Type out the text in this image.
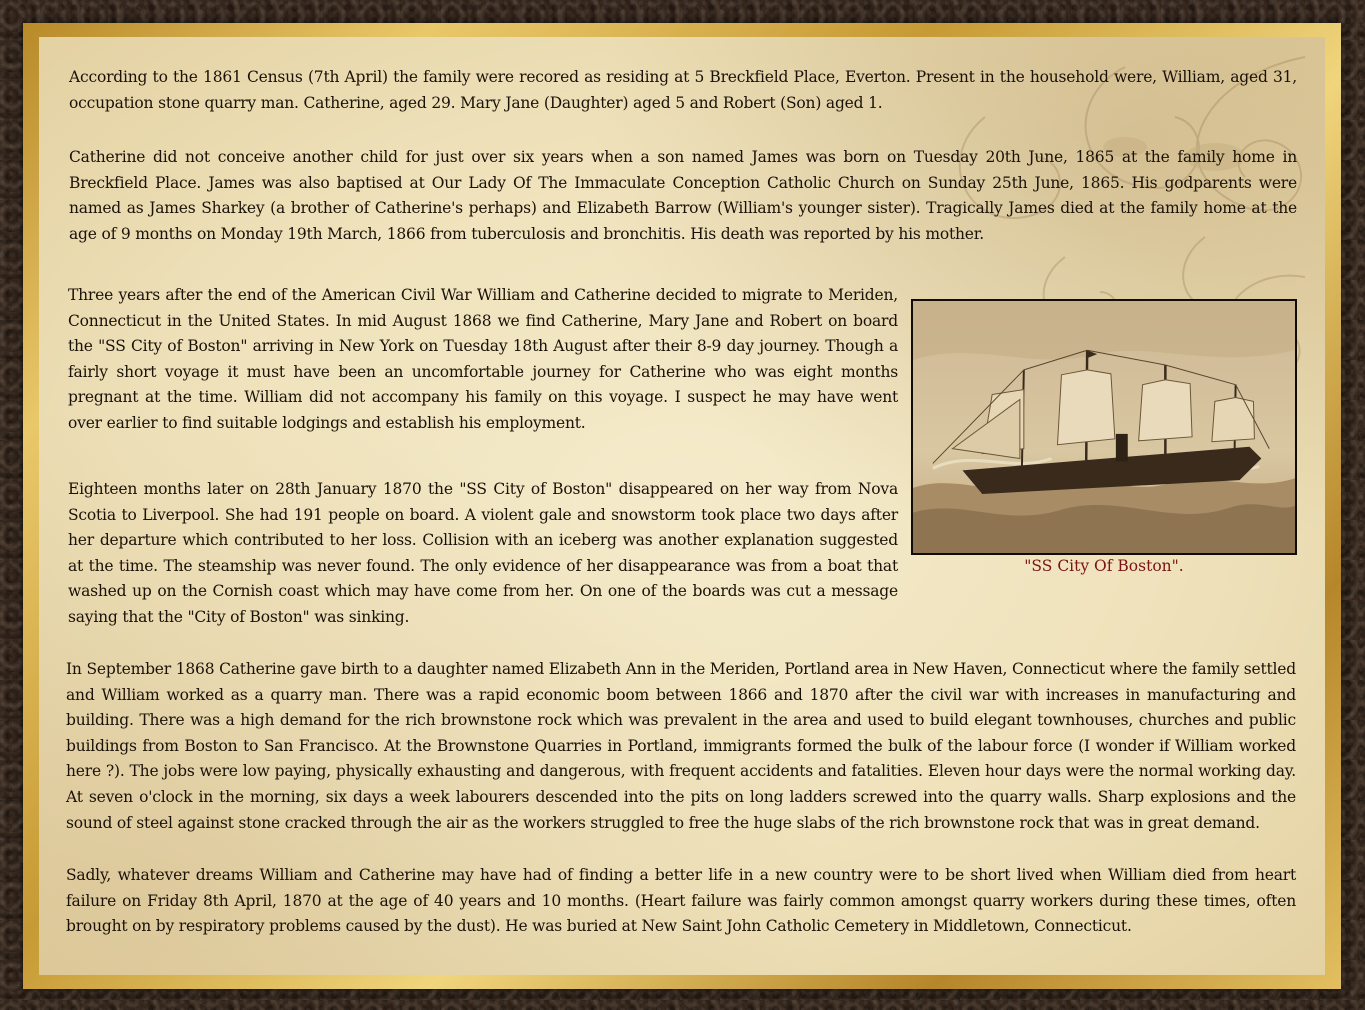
According to the 1861 Census (7th April) the family were recored as residing at 5 Breckfield Place, Everton. Present in the household were, William, aged 31, occupation stone quarry man. Catherine, aged 29. Mary Jane (Daughter) aged 5 and Robert (Son) aged 1.

Catherine did not conceive another child for just over six years when a son named James was born on Tuesday 20th June, 1865 at the family home in Breckfield Place. James was also baptised at Our Lady Of The Immaculate Conception Catholic Church on Sunday 25th June, 1865. His godparents were named as James Sharkey (a brother of Catherine's perhaps) and Elizabeth Barrow (William's younger sister). Tragically James died at the family home at the age of 9 months on Monday 19th March, 1866 from tuberculosis and bronchitis. His death was reported by his mother.

Three years after the end of the American Civil War William and Catherine decided to migrate to Meriden, Connecticut in the United States. In mid August 1868 we find Catherine, Mary Jane and Robert on board the "SS City of Boston" arriving in New York on Tuesday 18th August after their 8-9 day journey. Though a fairly short voyage it must have been an uncomfortable journey for Catherine who was eight months pregnant at the time. William did not accompany his family on this voyage. I suspect he may have went over earlier to find suitable lodgings and establish his employment.

Eighteen months later on 28th January 1870 the "SS City of Boston" disappeared on her way from Nova Scotia to Liverpool. She had 191 people on board. A violent gale and snowstorm took place two days after her departure which contributed to her loss. Collision with an iceberg was another explanation suggested at the time. The steamship was never found. The only evidence of her disappearance was from a boat that washed up on the Cornish coast which may have come from her. On one of the boards was cut a message saying that the "City of Boston" was sinking.

In September 1868 Catherine gave birth to a daughter named Elizabeth Ann in the Meriden, Portland area in New Haven, Connecticut where the family settled and William worked as a quarry man. There was a rapid economic boom between 1866 and 1870 after the civil war with increases in manufacturing and building. There was a high demand for the rich brownstone rock which was prevalent in the area and used to build elegant townhouses, churches and public buildings from Boston to San Francisco. At the Brownstone Quarries in Portland, immigrants formed the bulk of the labour force (I wonder if William worked here ?). The jobs were low paying, physically exhausting and dangerous, with frequent accidents and fatalities. Eleven hour days were the normal working day. At seven o'clock in the morning, six days a week labourers descended into the pits on long ladders screwed into the quarry walls. Sharp explosions and the sound of steel against stone cracked through the air as the workers struggled to free the huge slabs of the rich brownstone rock that was in great demand.

Sadly, whatever dreams William and Catherine may have had of finding a better life in a new country were to be short lived when William died from heart failure on Friday 8th April, 1870 at the age of 40 years and 10 months. (Heart failure was fairly common amongst quarry workers during these times, often brought on by respiratory problems caused by the dust). He was buried at New Saint John Catholic Cemetery in Middletown, Connecticut.

"SS City Of Boston".
